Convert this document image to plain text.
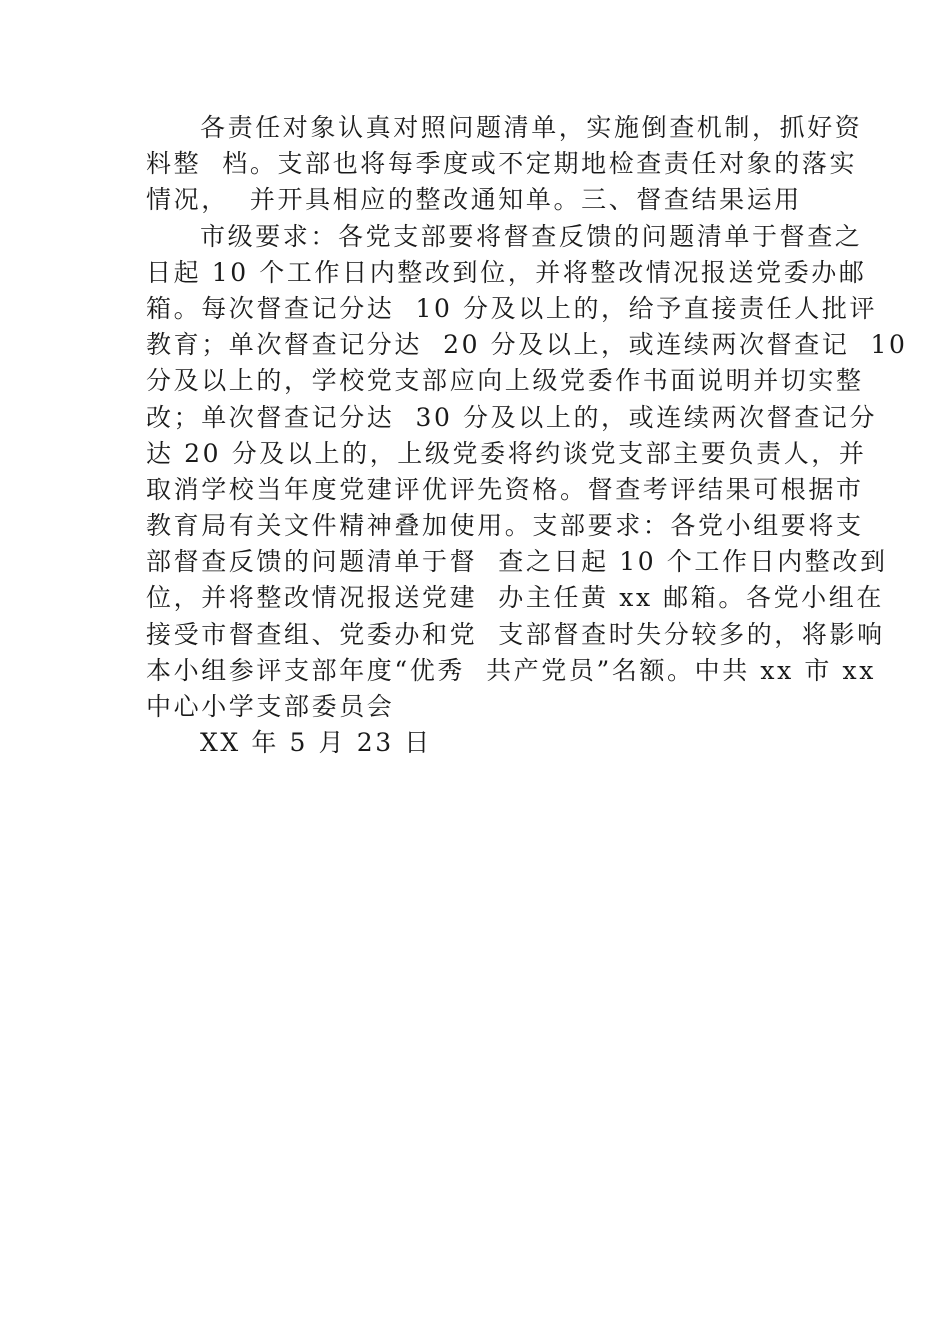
各责任对象认真对照问题清单，实施倒查机制，抓好资
料整  档。支部也将每季度或不定期地检查责任对象的落实
情况，  并开具相应的整改通知单。三、督查结果运用
市级要求：各党支部要将督查反馈的问题清单于督查之
日起 10 个工作日内整改到位，并将整改情况报送党委办邮
箱。每次督查记分达  10 分及以上的，给予直接责任人批评
教育；单次督查记分达  20 分及以上，或连续两次督查记  10
分及以上的，学校党支部应向上级党委作书面说明并切实整
改；单次督查记分达  30 分及以上的，或连续两次督查记分
达 20 分及以上的，上级党委将约谈党支部主要负责人，并
取消学校当年度党建评优评先资格。督查考评结果可根据市
教育局有关文件精神叠加使用。支部要求：各党小组要将支
部督查反馈的问题清单于督  查之日起 10 个工作日内整改到
位，并将整改情况报送党建  办主任黄 xx 邮箱。各党小组在
接受市督查组、党委办和党  支部督查时失分较多的，将影响
本小组参评支部年度“优秀  共产党员”名额。中共 xx 市 xx
中心小学支部委员会
XX 年 5 月 23 日
